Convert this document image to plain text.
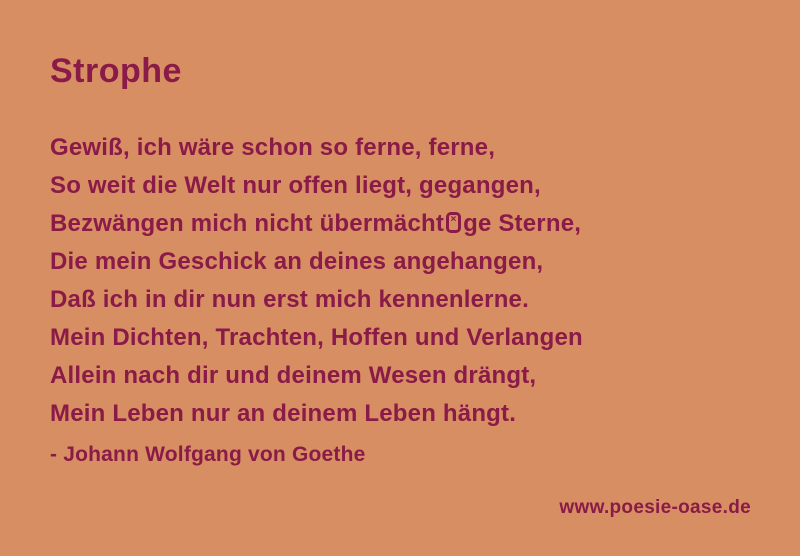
Strophe

Gewiß, ich wäre schon so ferne, ferne,

So weit die Welt nur offen liegt, gegangen,

Bezwängen mich nicht übermächt × ge Sterne,

Die mein Geschick an deines angehangen,

Daß ich in dir nun erst mich kennenlerne.

Mein Dichten, Trachten, Hoffen und Verlangen

Allein nach dir und deinem Wesen drängt,

Mein Leben nur an deinem Leben hängt.

- Johann Wolfgang von Goethe

www.poesie-oase.de
